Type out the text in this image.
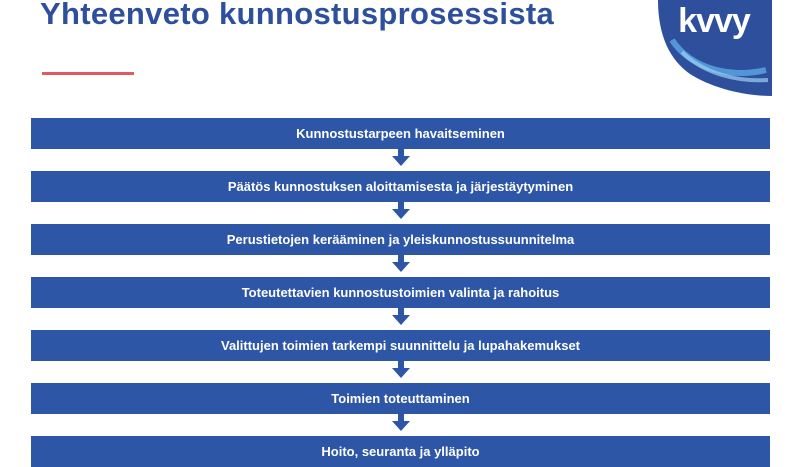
Yhteenveto kunnostusprosessista	kvvy
Kunnostustarpeen havaitseminen
Päätös kunnostuksen aloittamisesta ja järjestäytyminen
Perustietojen kerääminen ja yleiskunnostussuunnitelma
Toteutettavien kunnostustoimien valinta ja rahoitus
Valittujen toimien tarkempi suunnittelu ja lupahakemukset
Toimien toteuttaminen
Hoito, seuranta ja ylläpito
